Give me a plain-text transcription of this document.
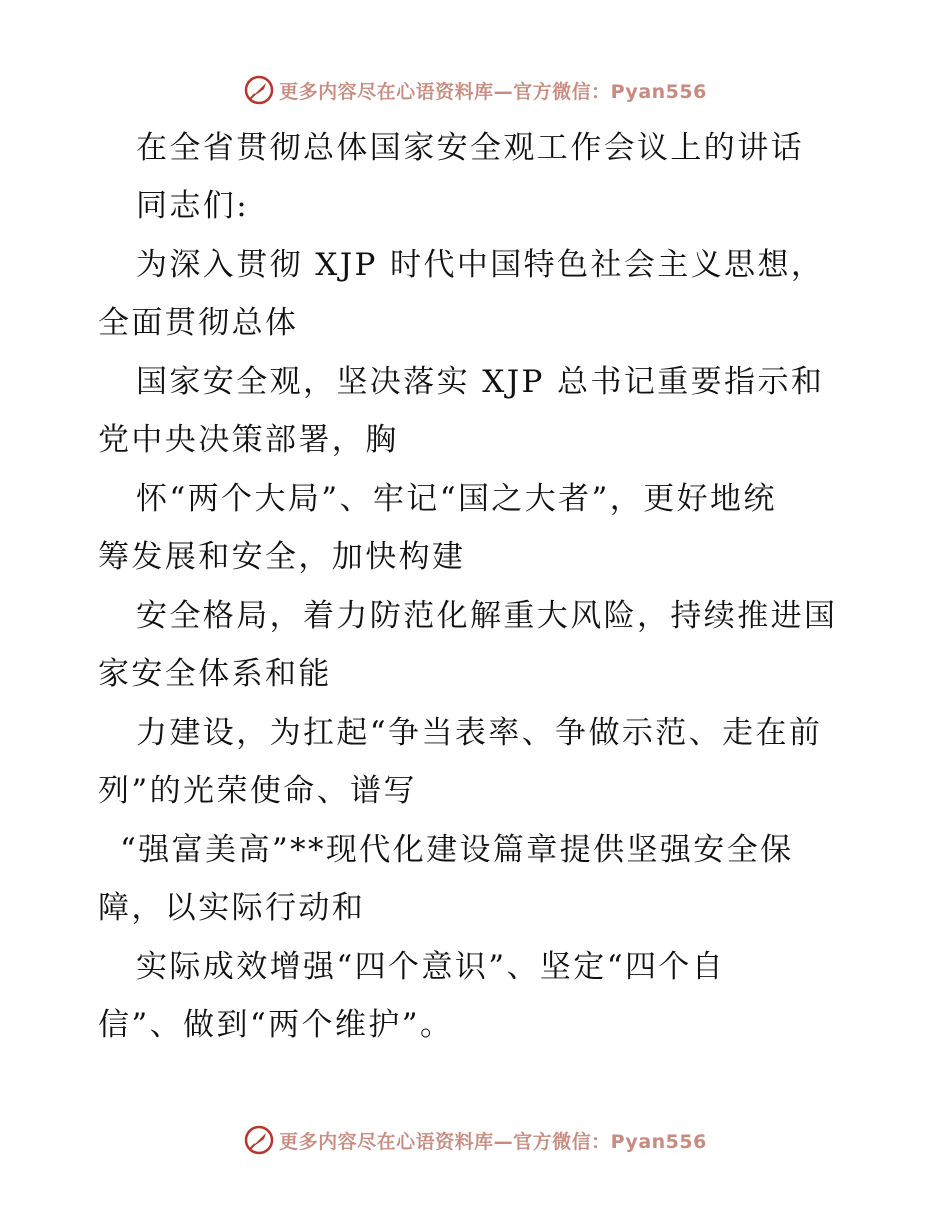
更多内容尽在心语资料库—官方微信：Pyan556
在全省贯彻总体国家安全观工作会议上的讲话
同志们:
为深入贯彻 XJP 时代中国特色社会主义思想，
全面贯彻总体
国家安全观，坚决落实 XJP 总书记重要指示和
党中央决策部署，胸
怀“两个大局”、牢记“国之大者”，更好地统
筹发展和安全，加快构建
安全格局，着力防范化解重大风险，持续推进国
家安全体系和能
力建设，为扛起“争当表率、争做示范、走在前
列”的光荣使命、谱写
“强富美高”**现代化建设篇章提供坚强安全保
障，以实际行动和
实际成效增强“四个意识”、坚定“四个自
信”、做到“两个维护”。
更多内容尽在心语资料库—官方微信：Pyan556
